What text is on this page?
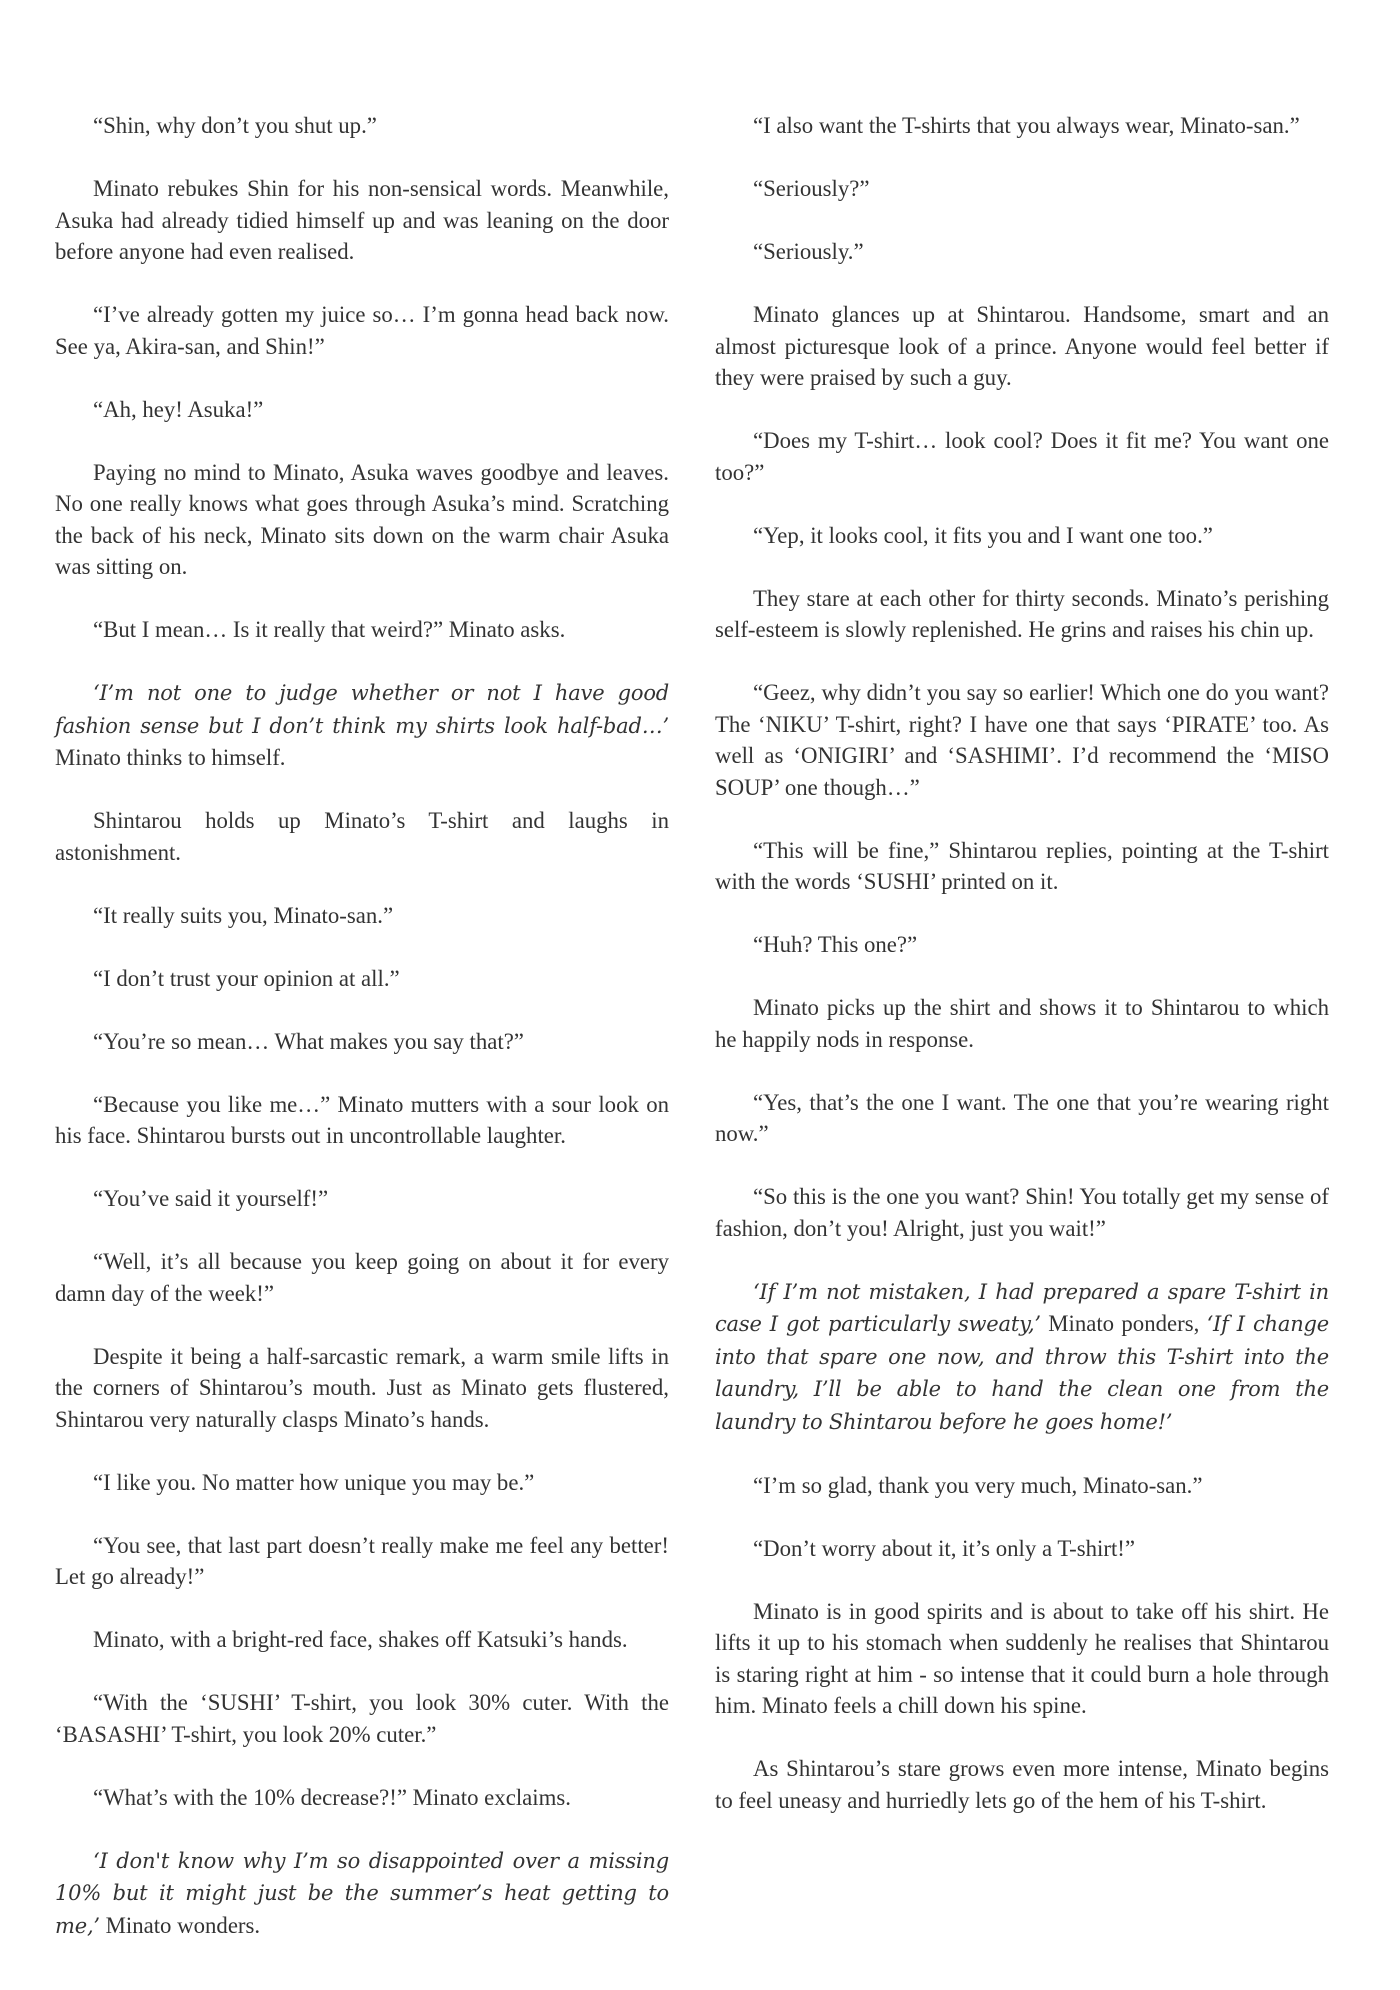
“Shin, why don’t you shut up.”

Minato rebukes Shin for his non-sensical words. Meanwhile, Asuka had already tidied himself up and was leaning on the door before anyone had even realised.

“I’ve already gotten my juice so… I’m gonna head back now. See ya, Akira-san, and Shin!”

“Ah, hey! Asuka!”

Paying no mind to Minato, Asuka waves goodbye and leaves. No one really knows what goes through Asuka’s mind. Scratching the back of his neck, Minato sits down on the warm chair Asuka was sitting on.

“But I mean… Is it really that weird?” Minato asks.

‘I’m not one to judge whether or not I have good fashion sense but I don’t think my shirts look half-bad…’ Minato thinks to himself.

Shintarou holds up Minato’s T-shirt and laughs in astonishment.

“It really suits you, Minato-san.”

“I don’t trust your opinion at all.”

“You’re so mean… What makes you say that?”

“Because you like me…” Minato mutters with a sour look on his face. Shintarou bursts out in uncontrollable laughter.

“You’ve said it yourself!”

“Well, it’s all because you keep going on about it for every damn day of the week!”

Despite it being a half-sarcastic remark, a warm smile lifts in the corners of Shintarou’s mouth. Just as Minato gets flustered, Shintarou very naturally clasps Minato’s hands.

“I like you. No matter how unique you may be.”

“You see, that last part doesn’t really make me feel any better! Let go already!”

Minato, with a bright-red face, shakes off Katsuki’s hands.

“With the ‘SUSHI’ T-shirt, you look 30% cuter. With the ‘BASASHI’ T-shirt, you look 20% cuter.”

“What’s with the 10% decrease?!” Minato exclaims.

‘I don't know why I’m so disappointed over a missing 10% but it might just be the summer’s heat getting to me,’ Minato wonders.

“I also want the T-shirts that you always wear, Minato-san.”

“Seriously?”

“Seriously.”

Minato glances up at Shintarou. Handsome, smart and an almost picturesque look of a prince. Anyone would feel better if they were praised by such a guy.

“Does my T-shirt… look cool? Does it fit me? You want one too?”

“Yep, it looks cool, it fits you and I want one too.”

They stare at each other for thirty seconds. Minato’s perishing self-esteem is slowly replenished. He grins and raises his chin up.

“Geez, why didn’t you say so earlier! Which one do you want? The ‘NIKU’ T-shirt, right? I have one that says ‘PIRATE’ too. As well as ‘ONIGIRI’ and ‘SASHIMI’. I’d recommend the ‘MISO SOUP’ one though…”

“This will be fine,” Shintarou replies, pointing at the T-shirt with the words ‘SUSHI’ printed on it.

“Huh? This one?”

Minato picks up the shirt and shows it to Shintarou to which he happily nods in response.

“Yes, that’s the one I want. The one that you’re wearing right now.”

“So this is the one you want? Shin! You totally get my sense of fashion, don’t you! Alright, just you wait!”

‘If I’m not mistaken, I had prepared a spare T-shirt in case I got particularly sweaty,’ Minato ponders, ‘If I change into that spare one now, and throw this T-shirt into the laundry, I’ll be able to hand the clean one from the laundry to Shintarou before he goes home!’

“I’m so glad, thank you very much, Minato-san.”

“Don’t worry about it, it’s only a T-shirt!”

Minato is in good spirits and is about to take off his shirt. He lifts it up to his stomach when suddenly he realises that Shintarou is staring right at him - so intense that it could burn a hole through him. Minato feels a chill down his spine.

As Shintarou’s stare grows even more intense, Minato begins to feel uneasy and hurriedly lets go of the hem of his T-shirt.
